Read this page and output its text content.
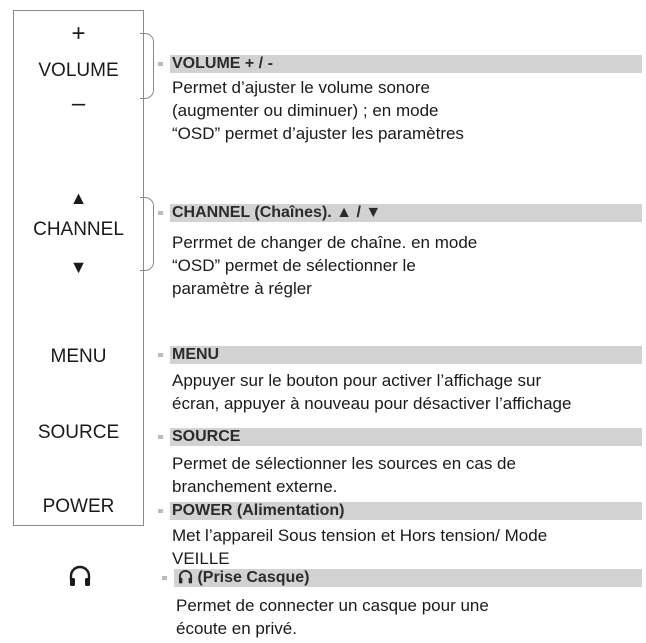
+
VOLUME
–
▲
CHANNEL
▼
MENU
SOURCE
POWER
VOLUME + / -
Permet d’ajuster le volume sonore
(augmenter ou diminuer) ; en mode
“OSD” permet d’ajuster les paramètres
CHANNEL (Chaînes). ▲ / ▼
Perrmet de changer de chaîne. en mode
“OSD” permet de sélectionner le
paramètre à régler
MENU
Appuyer sur le bouton pour activer l’affichage sur
écran, appuyer à nouveau pour désactiver l’affichage
SOURCE
Permet de sélectionner les sources en cas de
branchement externe.
POWER (Alimentation)
Met l’appareil Sous tension et Hors tension/ Mode
VEILLE
(Prise Casque)
Permet de connecter un casque pour une
écoute en privé.
